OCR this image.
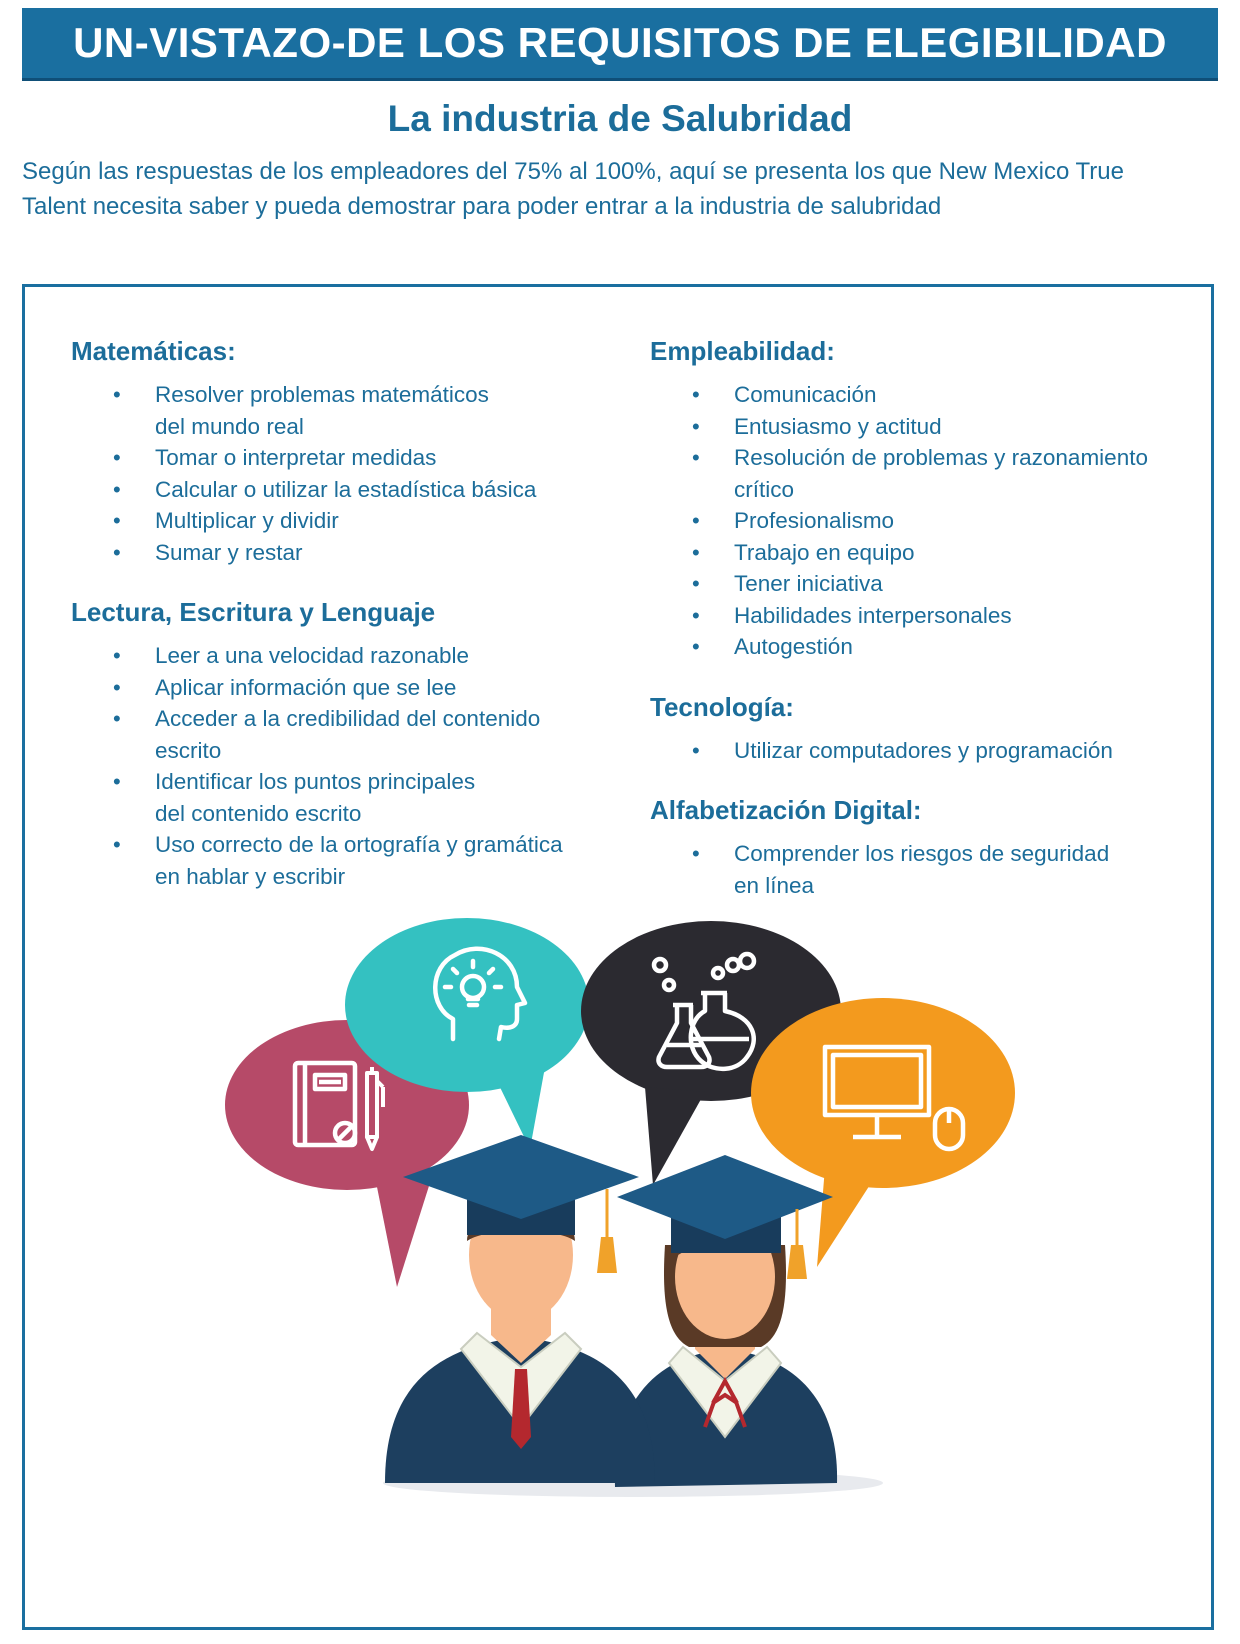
UN-VISTAZO-DE LOS REQUISITOS DE ELEGIBILIDAD
La industria de Salubridad

Según las respuestas de los empleadores del 75% al 100%, aquí se presenta los que New Mexico True
Talent necesita saber y pueda demostrar para poder entrar a la industria de salubridad

Matemáticas:
• Resolver problemas matemáticos
del mundo real
• Tomar o interpretar medidas
• Calcular o utilizar la estadística básica
• Multiplicar y dividir
• Sumar y restar
Lectura, Escritura y Lenguaje
• Leer a una velocidad razonable
• Aplicar información que se lee
• Acceder a la credibilidad del contenido
escrito
• Identificar los puntos principales
del contenido escrito
• Uso correcto de la ortografía y gramática
en hablar y escribir
Empleabilidad:
• Comunicación
• Entusiasmo y actitud
• Resolución de problemas y razonamiento
crítico
• Profesionalismo
• Trabajo en equipo
• Tener iniciativa
• Habilidades interpersonales
• Autogestión
Tecnología:
• Utilizar computadores y programación
Alfabetización Digital:
• Comprender los riesgos de seguridad
en línea
